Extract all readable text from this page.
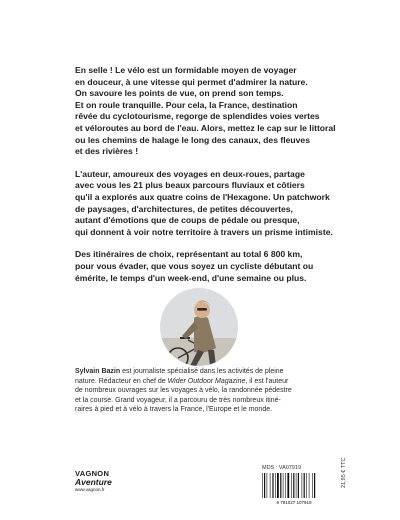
En selle ! Le vélo est un formidable moyen de voyager
en douceur, à une vitesse qui permet d'admirer la nature.
On savoure les points de vue, on prend son temps.
Et on roule tranquille. Pour cela, la France, destination
rêvée du cyclotourisme, regorge de splendides voies vertes
et véloroutes au bord de l'eau. Alors, mettez le cap sur le littoral
ou les chemins de halage le long des canaux, des fleuves
et des rivières !

L'auteur, amoureux des voyages en deux-roues, partage
avec vous les 21 plus beaux parcours fluviaux et côtiers
qu'il a explorés aux quatre coins de l'Hexagone. Un patchwork
de paysages, d'architectures, de petites découvertes,
autant d'émotions que de coups de pédale ou presque,
qui donnent à voir notre territoire à travers un prisme intimiste.

Des itinéraires de choix, représentant au total 6 800 km,
pour vous évader, que vous soyez un cycliste débutant ou
émérite, le temps d'un week-end, d'une semaine ou plus.

Sylvain Bazin est journaliste spécialisé dans les activités de pleine
nature. Rédacteur en chef de Wider Outdoor Magazine, il est l'auteur
de nombreux ouvrages sur les voyages à vélo, la randonnée pédestre
et la course. Grand voyageur, il a parcouru de très nombreux itiné-
raires à pied et à vélo à travers la France, l'Europe et le monde.
VAGNON
Aventure
www.vagnon.fr
MDS : VA07919
9 791027 107919
21,95 € TTC
